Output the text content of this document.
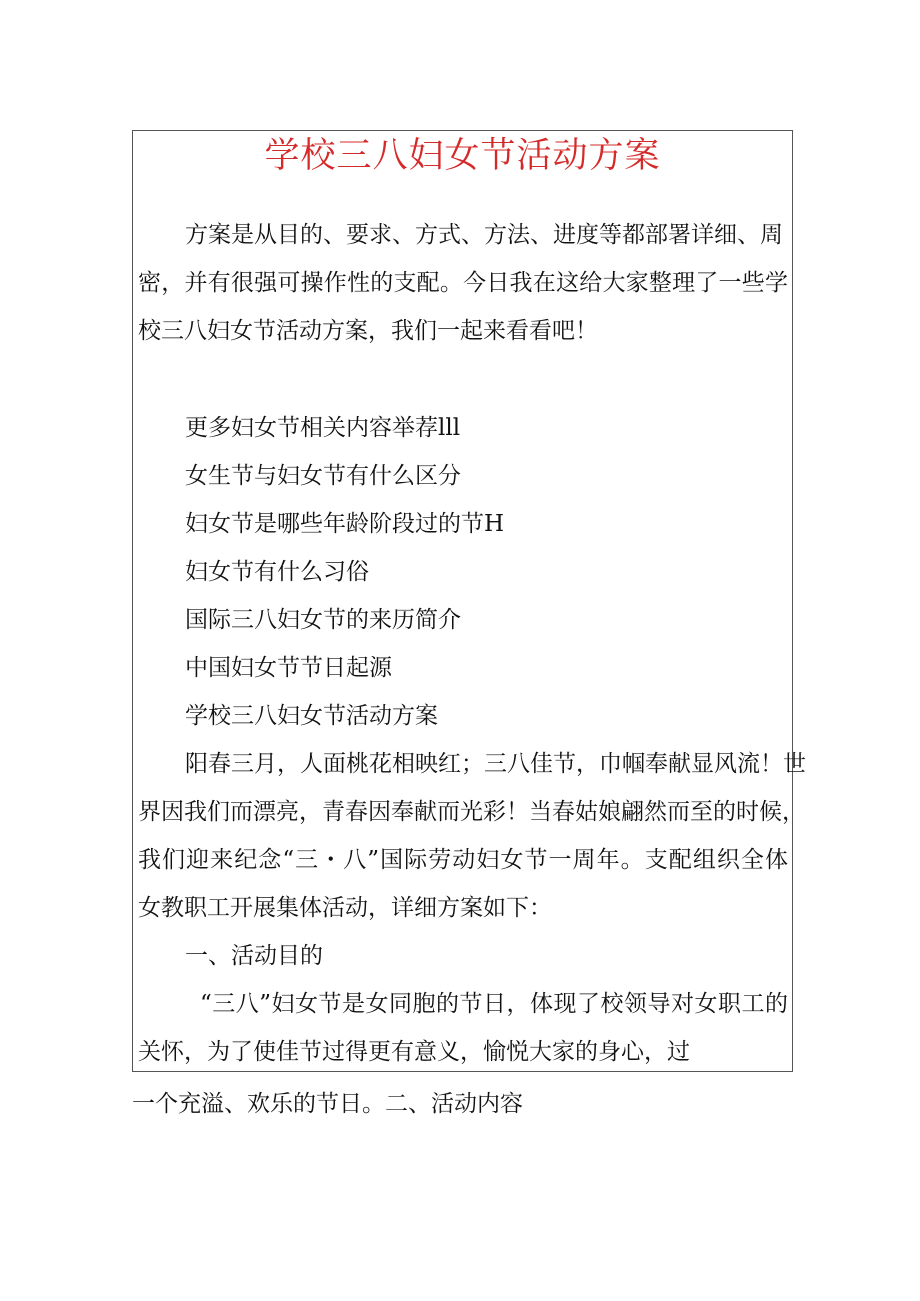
学校三八妇女节活动方案

方案是从目的、要求、方式、方法、进度等都部署详细、周

密，并有很强可操作性的支配。今日我在这给大家整理了一些学

校三八妇女节活动方案，我们一起来看看吧！

更多妇女节相关内容举荐lll

女生节与妇女节有什么区分

妇女节是哪些年龄阶段过的节H

妇女节有什么习俗

国际三八妇女节的来历简介

中国妇女节节日起源

学校三八妇女节活动方案

阳春三月，人面桃花相映红；三八佳节，巾帼奉献显风流！世

界因我们而漂亮，青春因奉献而光彩！当春姑娘翩然而至的时候，

我们迎来纪念“三・八”国际劳动妇女节一周年。支配组织全体

女教职工开展集体活动，详细方案如下：

一、活动目的

“三八”妇女节是女同胞的节日，体现了校领导对女职工的

关怀，为了使佳节过得更有意义，愉悦大家的身心，过

一个充溢、欢乐的节日。二、活动内容
